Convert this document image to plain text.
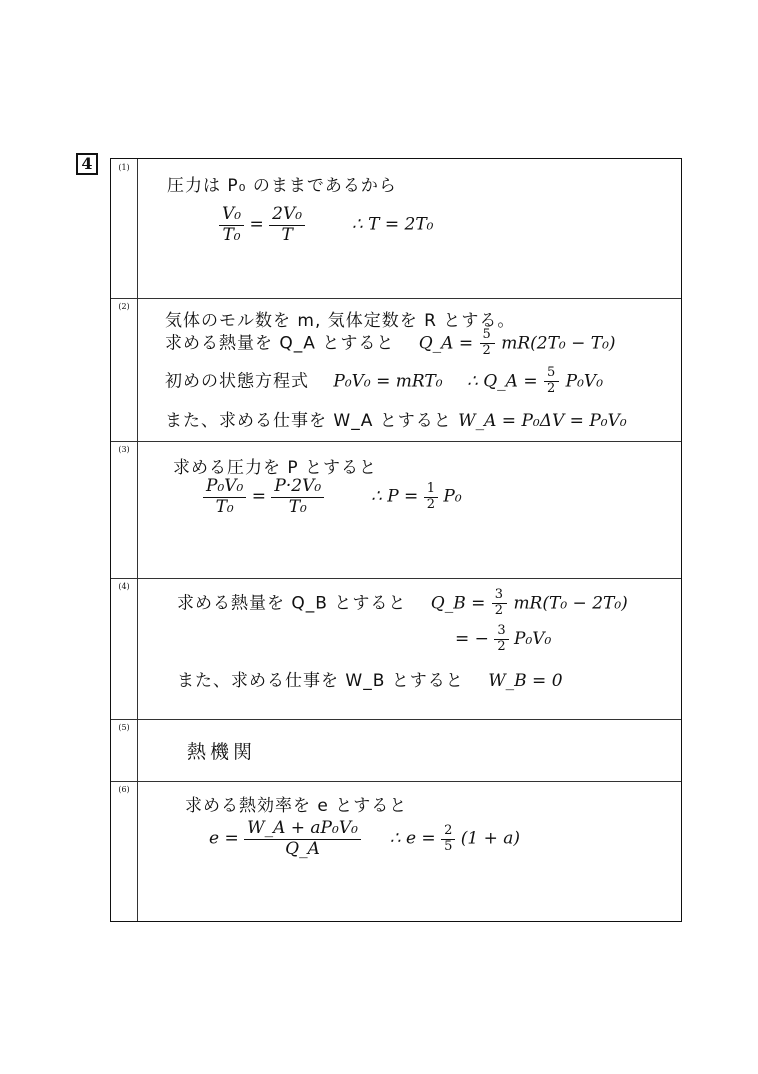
4	(1)
圧力は P₀ のままであるから
$\frac{\text{V₀}}{\text{T₀}} = \frac{\text{2V₀}}{T}$	∴ T = 2T₀
(2)
気体のモル数を m, 気体定数を R とする。
求める熱量を Q_A とすると Q_A = $\frac{5}{2} mR(2T_0 - T_0)$
初めの状態方程式 P₀V₀ = mRT₀ ∴ Q_A = $\frac{5}{2} P_0V_0$
また、求める仕事を W_A とすると W_A = P₀ΔV = P₀V₀
(3)
求める圧力を P とすると
$\frac{\text{P₀V₀}}{\text{T₀}} = \frac{\text{P·2V₀}}{\text{T₀}}$	∴ $P = \frac{1}{2} P_0$
(4)
求める熱量を Q_B とすると Q_B = $\frac{3}{2} mR(T_0 - 2T_0)$
= − $\frac{3}{2} P_0V_0$
また、求める仕事を W_B とすると W_B = 0
(5)
熱機関
(6)
求める熱効率を e とすると
$e = \frac{\text{W\_A + aP₀V₀}}{Q\_A}$ ∴ $e = \frac{2}{5} (1 + a)$
